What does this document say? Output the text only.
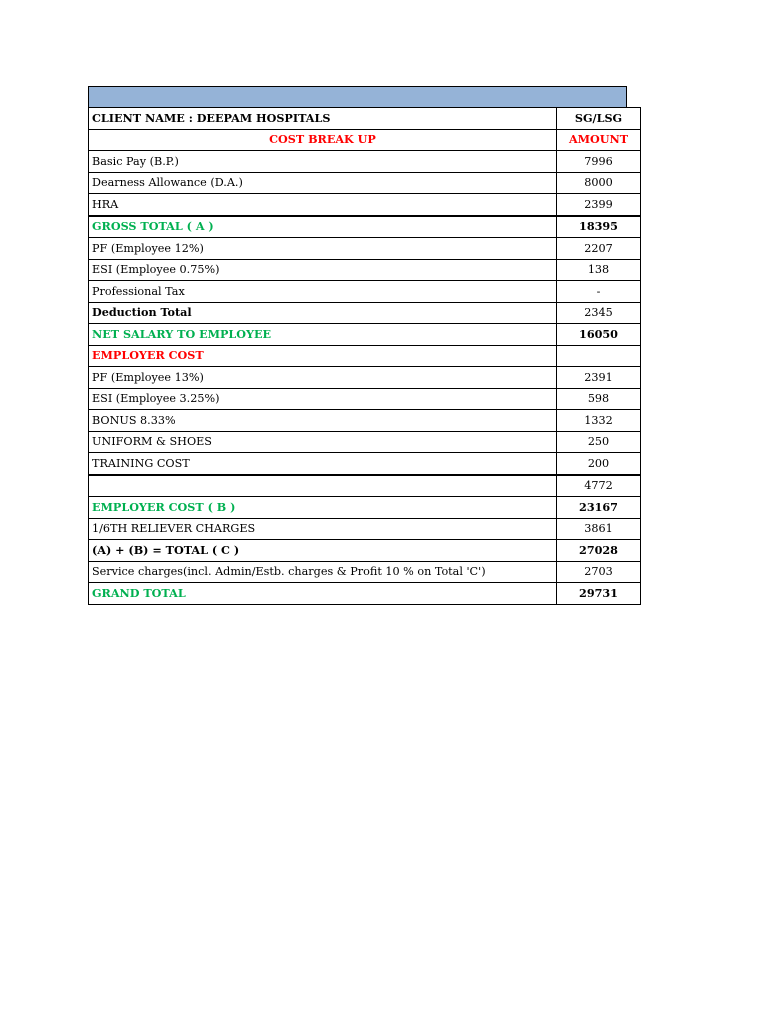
CLIENT NAME : DEEPAM HOSPITALS	SG/LSG
COST BREAK UP	AMOUNT
Basic Pay (B.P.)	7996
Dearness Allowance (D.A.)	8000
HRA	2399
GROSS TOTAL ( A )	18395
PF (Employee 12%)	2207
ESI (Employee 0.75%)	138
Professional Tax	-
Deduction Total	2345
NET SALARY TO EMPLOYEE	16050
EMPLOYER COST	
PF (Employee 13%)	2391
ESI (Employee 3.25%)	598
BONUS 8.33%	1332
UNIFORM & SHOES	250
TRAINING COST	200
	4772
EMPLOYER COST ( B )	23167
1/6TH RELIEVER CHARGES	3861
(A) + (B) = TOTAL ( C )	27028
Service charges(incl. Admin/Estb. charges & Profit 10 % on Total 'C')	2703
GRAND TOTAL	29731
